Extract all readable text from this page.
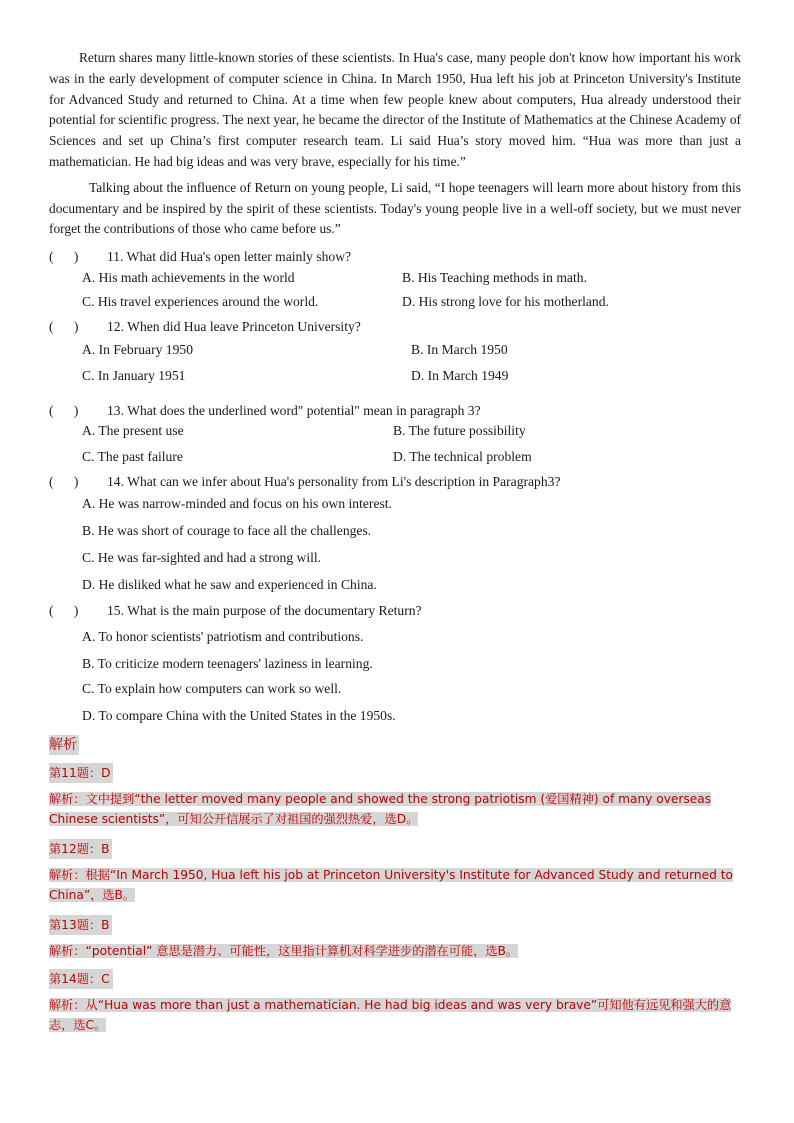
Return shares many little-known stories of these scientists. In Hua's case, many people don't know how important his work was in the early development of computer science in China. In March 1950, Hua left his job at Princeton University's Institute for Advanced Study and returned to China. At a time when few people knew about computers, Hua already understood their potential for scientific progress. The next year, he became the director of the Institute of Mathematics at the Chinese Academy of Sciences and set up China’s first computer research team. Li said Hua’s story moved him. “Hua was more than just a mathematician. He had big ideas and was very brave, especially for his time.”

Talking about the influence of Return on young people, Li said, “I hope teenagers will learn more about history from this documentary and be inspired by the spirit of these scientists. Today's young people live in a well-off society, but we must never forget the contributions of those who came before us.”

(      )	11. What did Hua's open letter mainly show?
A. His math achievements in the world	B. His Teaching methods in math.
C. His travel experiences around the world.	D. His strong love for his motherland.
(      )	12. When did Hua leave Princeton University?
A. In February 1950	B. In March 1950
C. In January 1951	D. In March 1949
(      )	13. What does the underlined word" potential" mean in paragraph 3?
A. The present use	B. The future possibility
C. The past failure	D. The technical problem
(      )	14. What can we infer about Hua's personality from Li's description in Paragraph3?
A. He was narrow-minded and focus on his own interest.
B. He was short of courage to face all the challenges.
C. He was far-sighted and had a strong will.
D. He disliked what he saw and experienced in China.
(      )	15. What is the main purpose of the documentary Return?
A. To honor scientists' patriotism and contributions.
B. To criticize modern teenagers' laziness in learning.
C. To explain how computers can work so well.
D. To compare China with the United States in the 1950s.
解析
第11题：D
解析：文中提到“the letter moved many people and showed the strong patriotism (爱国精神) of many overseas Chinese scientists”，可知公开信展示了对祖国的强烈热爱，选D。
第12题：B
解析：根据“In March 1950, Hua left his job at Princeton University's Institute for Advanced Study and returned to China”，选B。
第13题：B
解析：“potential” 意思是潜力、可能性，这里指计算机对科学进步的潜在可能，选B。
第14题：C
解析：从“Hua was more than just a mathematician. He had big ideas and was very brave”可知他有远见和强大的意志，选C。
